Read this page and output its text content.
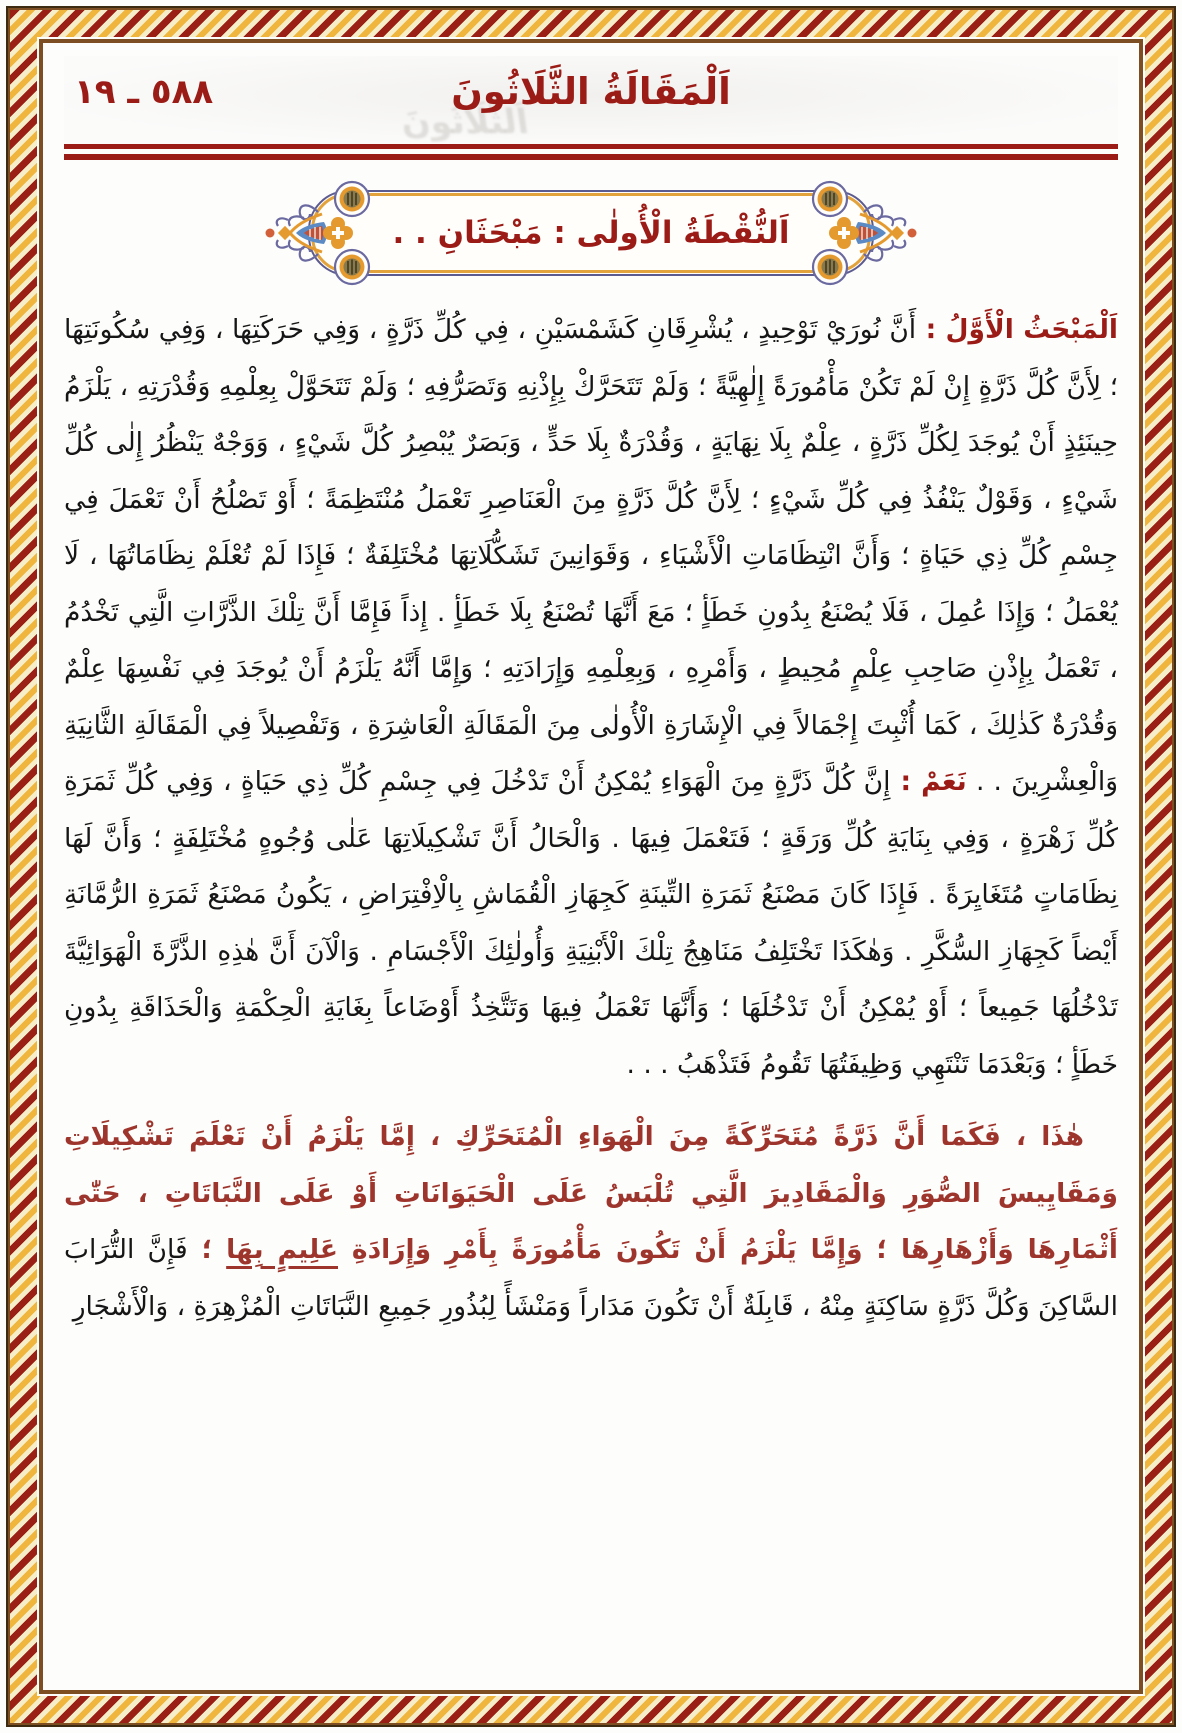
اَلثَّلَاثُونَ
٥٨٨ ـ ١٩	اَلْمَقَالَةُ الثَّلَاثُونَ
اَلنُّقْطَةُ الْأُولٰى : مَبْحَثَانِ . .

اَلْمَبْحَثُ الْأَوَّلُ : أَنَّ نُورَيْ تَوْحِيدٍ ، يُشْرِقَانِ كَشَمْسَيْنِ ، فِي كُلِّ ذَرَّةٍ ، وَفِي حَرَكَتِهَا ، وَفِي سُكُونَتِهَا ؛ لِأَنَّ كُلَّ ذَرَّةٍ إِنْ لَمْ تَكُنْ مَأْمُورَةً إِلٰهِيَّةً ؛ وَلَمْ تَتَحَرَّكْ بِإِذْنِهِ وَتَصَرُّفِهِ ؛ وَلَمْ تَتَحَوَّلْ بِعِلْمِهِ وَقُدْرَتِهِ ، يَلْزَمُ حِينَئِذٍ أَنْ يُوجَدَ لِكُلِّ ذَرَّةٍ ، عِلْمٌ بِلَا نِهَايَةٍ ، وَقُدْرَةٌ بِلَا حَدٍّ ، وَبَصَرٌ يُبْصِرُ كُلَّ شَيْءٍ ، وَوَجْهٌ يَنْظُرُ إِلٰى كُلِّ شَيْءٍ ، وَقَوْلٌ يَنْفُذُ فِي كُلِّ شَيْءٍ ؛ لِأَنَّ كُلَّ ذَرَّةٍ مِنَ الْعَنَاصِرِ تَعْمَلُ مُنْتَظِمَةً ؛ أَوْ تَصْلُحُ أَنْ تَعْمَلَ فِي جِسْمِ كُلِّ ذِي حَيَاةٍ ؛ وَأَنَّ انْتِظَامَاتِ الْأَشْيَاءِ ، وَقَوَانِينَ تَشَكُّلَاتِهَا مُخْتَلِفَةٌ ؛ فَإِذَا لَمْ تُعْلَمْ نِظَامَاتُهَا ، لَا يُعْمَلُ ؛ وَإِذَا عُمِلَ ، فَلَا يُصْنَعُ بِدُونِ خَطَأٍ ؛ مَعَ أَنَّهَا تُصْنَعُ بِلَا خَطَأٍ . إِذاً فَإِمَّا أَنَّ تِلْكَ الذَّرَّاتِ الَّتِي تَخْدُمُ ، تَعْمَلُ بِإِذْنِ صَاحِبِ عِلْمٍ مُحِيطٍ ، وَأَمْرِهِ ، وَبِعِلْمِهِ وَإِرَادَتِهِ ؛ وَإِمَّا أَنَّهُ يَلْزَمُ أَنْ يُوجَدَ فِي نَفْسِهَا عِلْمٌ وَقُدْرَةٌ كَذٰلِكَ ، كَمَا أُثْبِتَ إِجْمَالاً فِي الْإِشَارَةِ الْأُولٰى مِنَ الْمَقَالَةِ الْعَاشِرَةِ ، وَتَفْصِيلاً فِي الْمَقَالَةِ الثَّانِيَةِ وَالْعِشْرِينَ . . نَعَمْ : إِنَّ كُلَّ ذَرَّةٍ مِنَ الْهَوَاءِ يُمْكِنُ أَنْ تَدْخُلَ فِي جِسْمِ كُلِّ ذِي حَيَاةٍ ، وَفِي كُلِّ ثَمَرَةِ كُلِّ زَهْرَةٍ ، وَفِي بِنَايَةِ كُلِّ وَرَقَةٍ ؛ فَتَعْمَلَ فِيهَا . وَالْحَالُ أَنَّ تَشْكِيلَاتِهَا عَلٰى وُجُوهٍ مُخْتَلِفَةٍ ؛ وَأَنَّ لَهَا نِظَامَاتٍ مُتَغَايِرَةً . فَإِذَا كَانَ مَصْنَعُ ثَمَرَةِ التِّينَةِ كَجِهَازِ الْقُمَاشِ بِالْاِفْتِرَاضِ ، يَكُونُ مَصْنَعُ ثَمَرَةِ الرُّمَّانَةِ أَيْضاً كَجِهَازِ السُّكَّرِ . وَهٰكَذَا تَخْتَلِفُ مَنَاهِجُ تِلْكَ الْأَبْنِيَةِ وَأُولٰئِكَ الْأَجْسَامِ . وَالْآنَ أَنَّ هٰذِهِ الذَّرَّةَ الْهَوَائِيَّةَ تَدْخُلُهَا جَمِيعاً ؛ أَوْ يُمْكِنُ أَنْ تَدْخُلَهَا ؛ وَأَنَّهَا تَعْمَلُ فِيهَا وَتَتَّخِذُ أَوْضَاعاً بِغَايَةِ الْحِكْمَةِ وَالْحَذَاقَةِ بِدُونِ خَطَأٍ ؛ وَبَعْدَمَا تَنْتَهِي وَظِيفَتُهَا تَقُومُ فَتَذْهَبُ . . .

هٰذَا ، فَكَمَا أَنَّ ذَرَّةً مُتَحَرِّكَةً مِنَ الْهَوَاءِ الْمُتَحَرِّكِ ، إِمَّا يَلْزَمُ أَنْ تَعْلَمَ تَشْكِيلَاتِ وَمَقَايِيسَ الصُّوَرِ وَالْمَقَادِيرَ الَّتِي تُلْبَسُ عَلَى الْحَيَوَانَاتِ أَوْ عَلَى النَّبَاتَاتِ ، حَتّٰى أَثْمَارِهَا وَأَزْهَارِهَا ؛ وَإِمَّا يَلْزَمُ أَنْ تَكُونَ مَأْمُورَةً بِأَمْرِ وَإِرَادَةِ عَلِيمٍ بِهَا ؛ فَإِنَّ التُّرَابَ السَّاكِنَ وَكُلَّ ذَرَّةٍ سَاكِنَةٍ مِنْهُ ، قَابِلَةٌ أَنْ تَكُونَ مَدَاراً وَمَنْشَأً لِبُذُورِ جَمِيعِ النَّبَاتَاتِ الْمُزْهِرَةِ ، وَالْأَشْجَارِ
